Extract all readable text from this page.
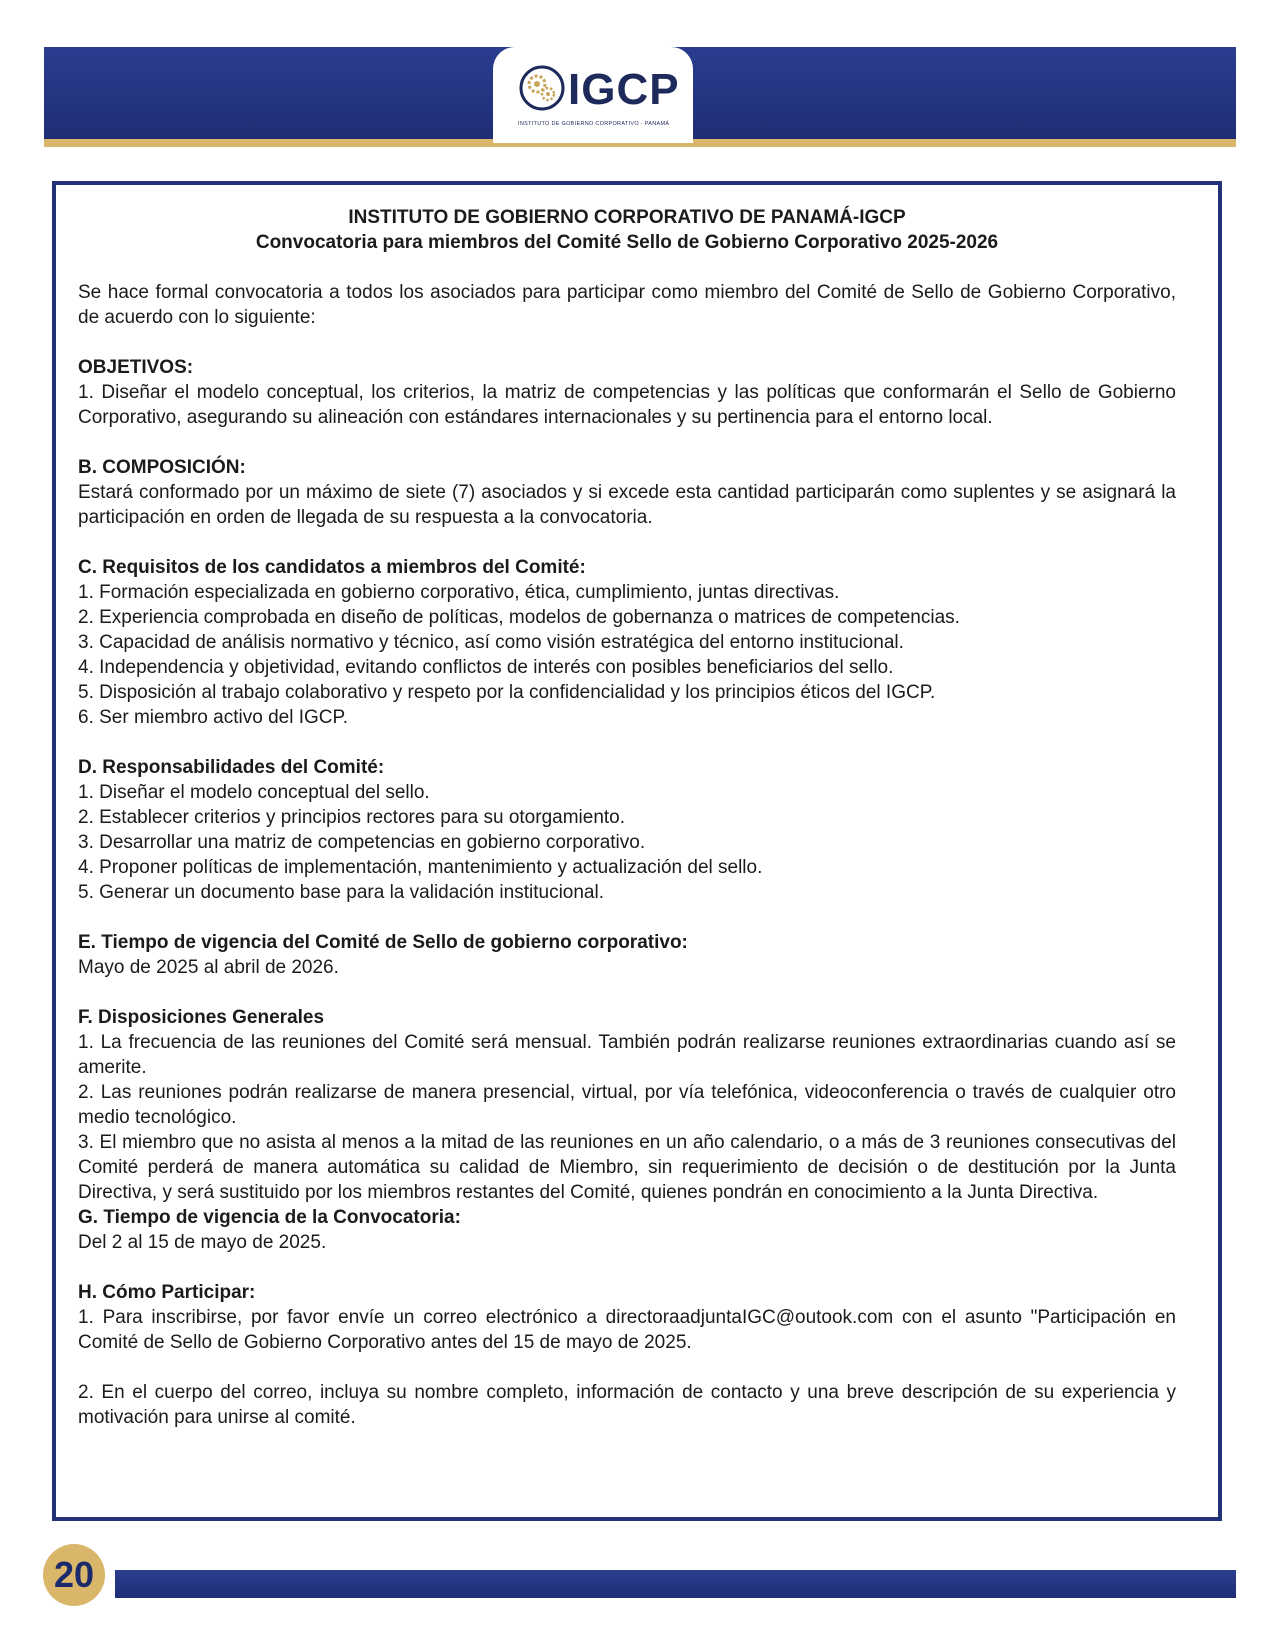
IGCP
INSTITUTO DE GOBIERNO CORPORATIVO · PANAMÁ

INSTITUTO DE GOBIERNO CORPORATIVO DE PANAMÁ-IGCP

Convocatoria para miembros del Comité Sello de Gobierno Corporativo 2025-2026

Se hace formal convocatoria a todos los asociados para participar como miembro del Comité de Sello de Gobierno Corporativo, de acuerdo con lo siguiente:

OBJETIVOS:

1. Diseñar el modelo conceptual, los criterios, la matriz de competencias y las políticas que conformarán el Sello de Gobierno Corporativo, asegurando su alineación con estándares internacionales y su pertinencia para el entorno local.

B. COMPOSICIÓN:

Estará conformado por un máximo de siete (7) asociados y si excede esta cantidad participarán como suplentes y se asignará la participación en orden de llegada de su respuesta a la convocatoria.

C. Requisitos de los candidatos a miembros del Comité:

1. Formación especializada en gobierno corporativo, ética, cumplimiento, juntas directivas.

2. Experiencia comprobada en diseño de políticas, modelos de gobernanza o matrices de competencias.

3. Capacidad de análisis normativo y técnico, así como visión estratégica del entorno institucional.

4. Independencia y objetividad, evitando conflictos de interés con posibles beneficiarios del sello.

5. Disposición al trabajo colaborativo y respeto por la confidencialidad y los principios éticos del IGCP.

6. Ser miembro activo del IGCP.

D. Responsabilidades del Comité:

1. Diseñar el modelo conceptual del sello.

2. Establecer criterios y principios rectores para su otorgamiento.

3. Desarrollar una matriz de competencias en gobierno corporativo.

4. Proponer políticas de implementación, mantenimiento y actualización del sello.

5. Generar un documento base para la validación institucional.

E. Tiempo de vigencia del Comité de Sello de gobierno corporativo:

Mayo de 2025 al abril de 2026.

F. Disposiciones Generales

1. La frecuencia de las reuniones del Comité será mensual. También podrán realizarse reuniones extraordinarias cuando así se amerite.

2. Las reuniones podrán realizarse de manera presencial, virtual, por vía telefónica, videoconferencia o través de cualquier otro medio tecnológico.

3. El miembro que no asista al menos a la mitad de las reuniones en un año calendario, o a más de 3 reuniones consecutivas del Comité perderá de manera automática su calidad de Miembro, sin requerimiento de decisión o de destitución por la Junta Directiva, y será sustituido por los miembros restantes del Comité, quienes pondrán en conocimiento a la Junta Directiva.

G. Tiempo de vigencia de la Convocatoria:

Del 2 al 15 de mayo de 2025.

H. Cómo Participar:

1. Para inscribirse, por favor envíe un correo electrónico a directoraadjuntaIGC@outook.com con el asunto "Participación en Comité de Sello de Gobierno Corporativo antes del 15 de mayo de 2025.

2. En el cuerpo del correo, incluya su nombre completo, información de contacto y una breve descripción de su experiencia y motivación para unirse al comité.

20
